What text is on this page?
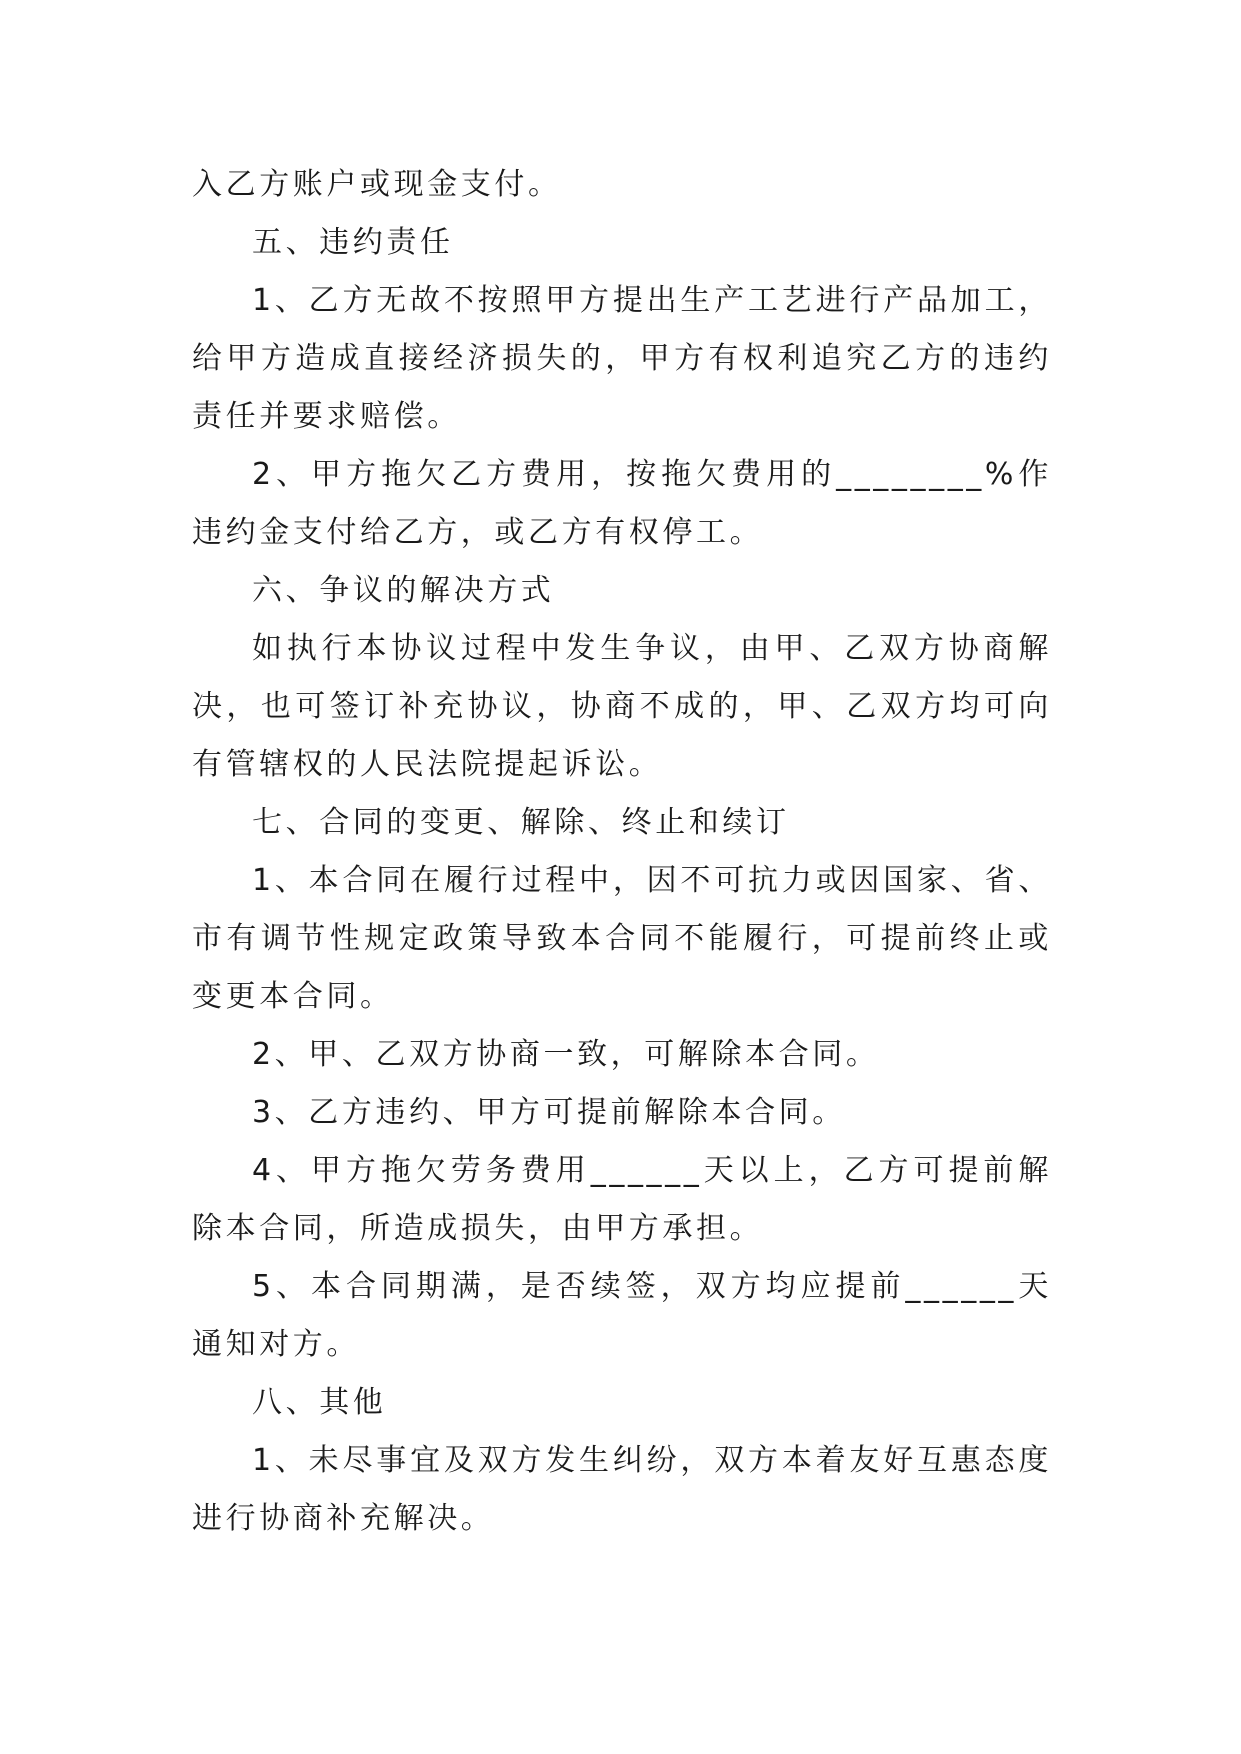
入乙方账户或现金支付。

五、违约责任

1、乙方无故不按照甲方提出生产工艺进行产品加工，给甲方造成直接经济损失的，甲方有权利追究乙方的违约责任并要求赔偿。

2、甲方拖欠乙方费用，按拖欠费用的________%作违约金支付给乙方，或乙方有权停工。

六、争议的解决方式

如执行本协议过程中发生争议，由甲、乙双方协商解决，也可签订补充协议，协商不成的，甲、乙双方均可向有管辖权的人民法院提起诉讼。

七、合同的变更、解除、终止和续订

1、本合同在履行过程中，因不可抗力或因国家、省、市有调节性规定政策导致本合同不能履行，可提前终止或变更本合同。

2、甲、乙双方协商一致，可解除本合同。

3、乙方违约、甲方可提前解除本合同。

4、甲方拖欠劳务费用______天以上，乙方可提前解除本合同，所造成损失，由甲方承担。

5、本合同期满，是否续签，双方均应提前______天通知对方。

八、其他

1、未尽事宜及双方发生纠纷，双方本着友好互惠态度进行协商补充解决。
